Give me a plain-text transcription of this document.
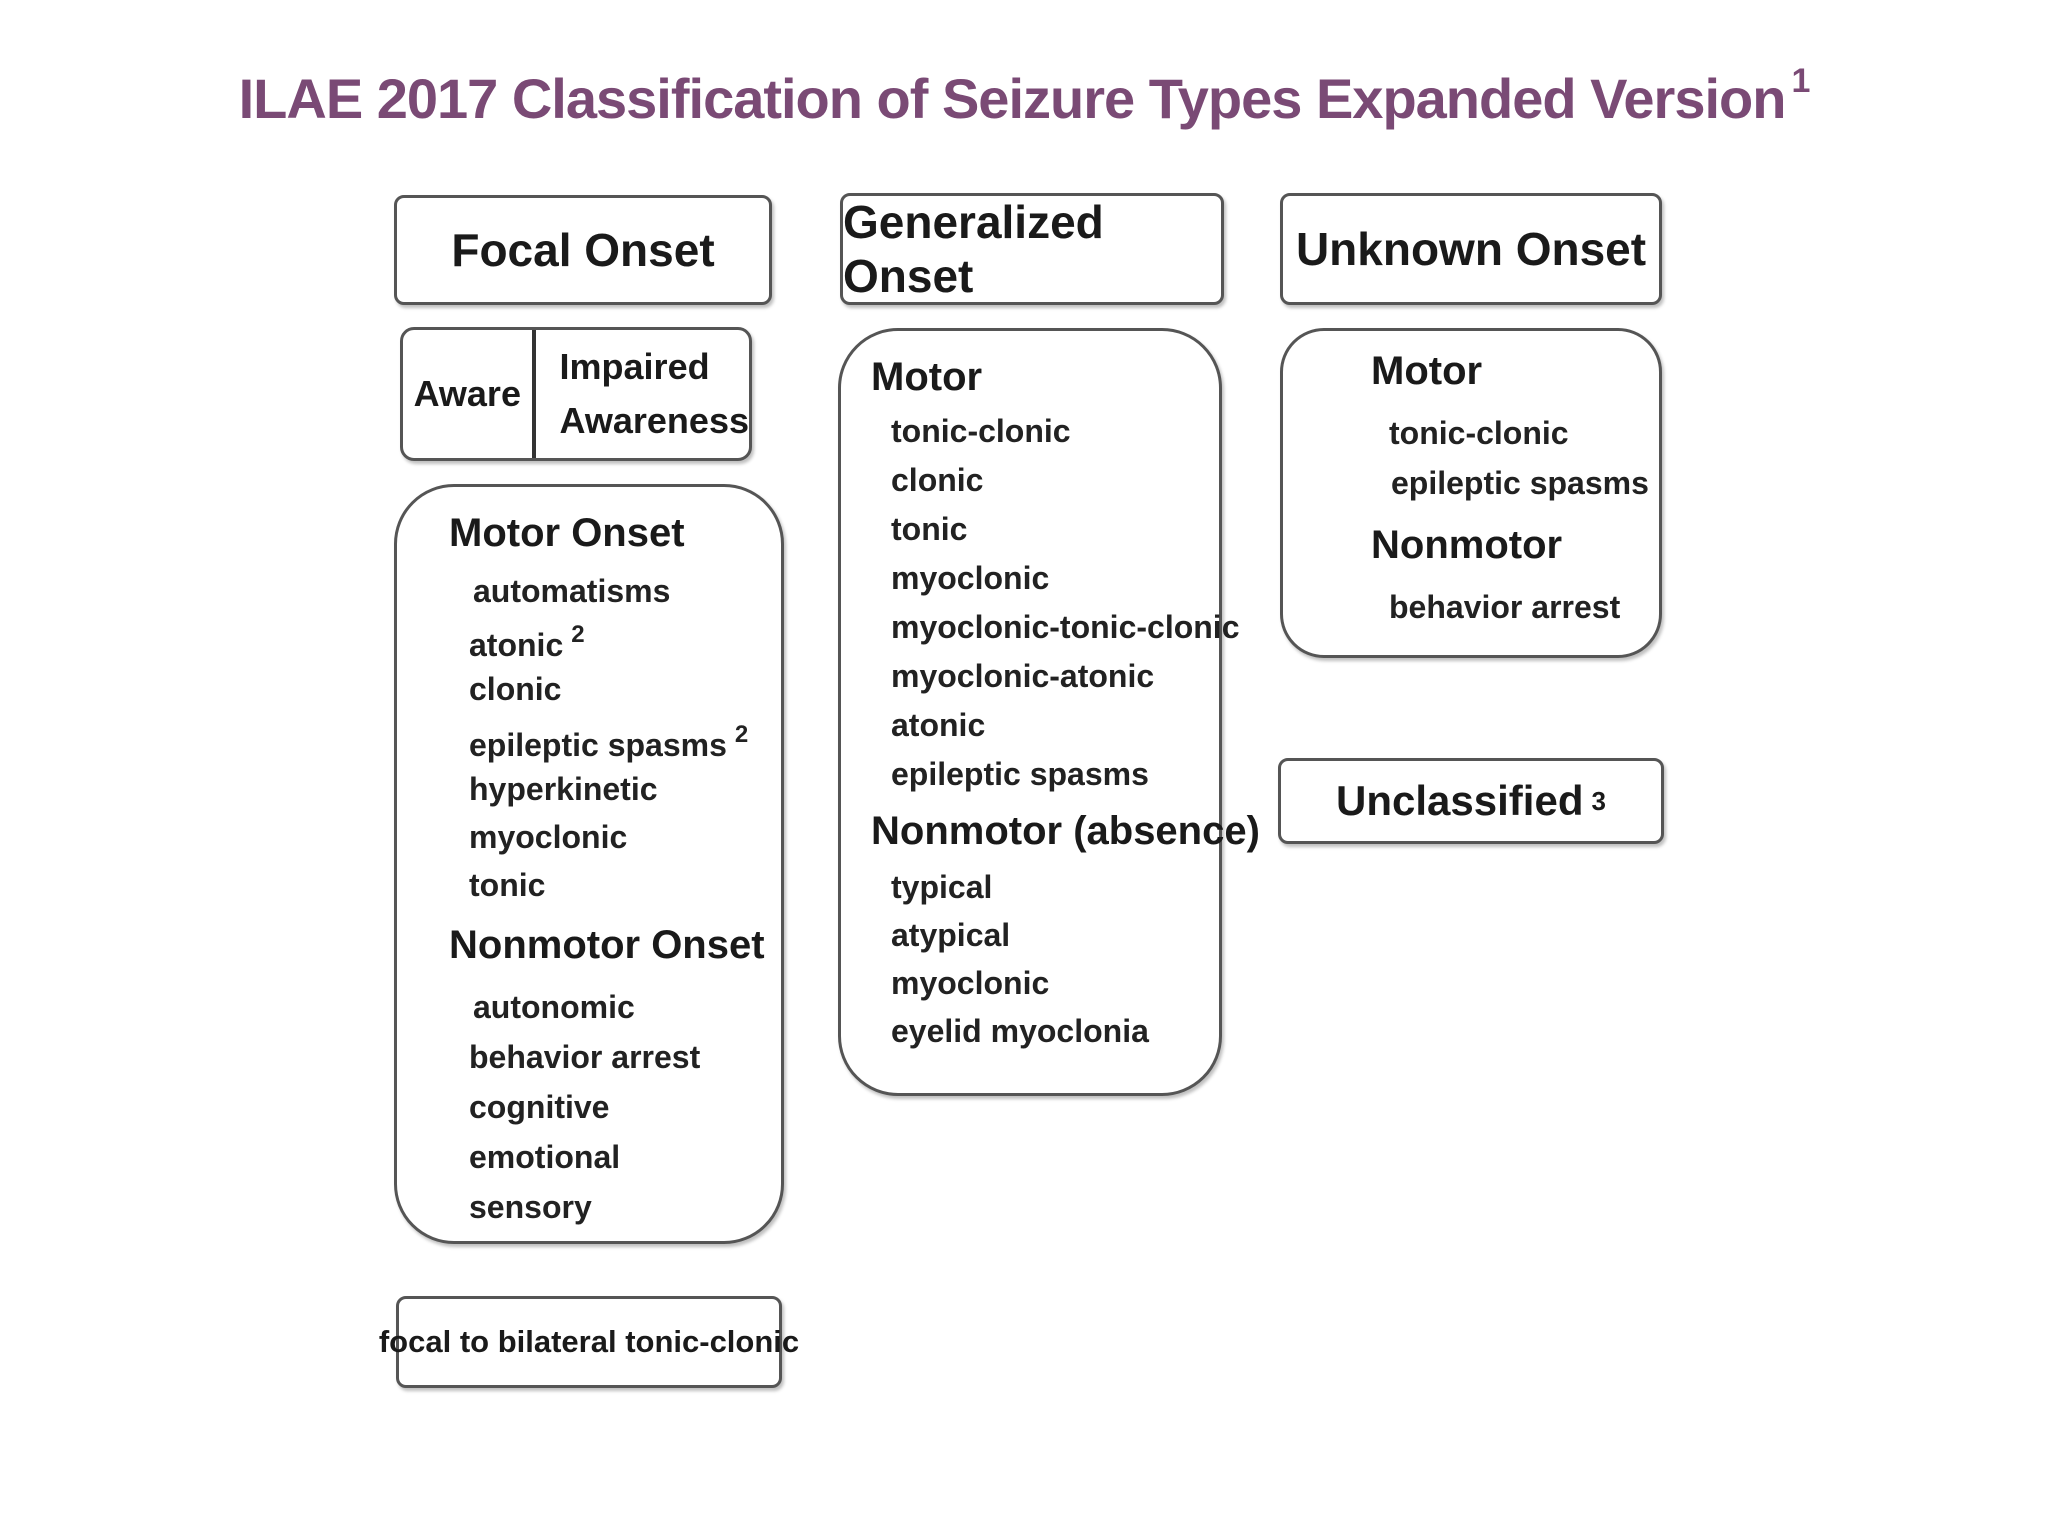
ILAE 2017 Classification of Seizure Types Expanded Version $^1$
Focal Onset
Generalized Onset
Unknown Onset
Aware
Impaired
Awareness
Motor Onset
automatisms
atonic $^2$
clonic
epileptic spasms $^2$
hyperkinetic
myoclonic
tonic
Nonmotor Onset
autonomic
behavior arrest
cognitive
emotional
sensory
Motor
tonic-clonic
clonic
tonic
myoclonic
myoclonic-tonic-clonic
myoclonic-atonic
atonic
epileptic spasms
Nonmotor (absence)
typical
atypical
myoclonic
eyelid myoclonia
Motor
tonic-clonic
epileptic spasms
Nonmotor
behavior arrest
Unclassified 3
focal to bilateral tonic-clonic
